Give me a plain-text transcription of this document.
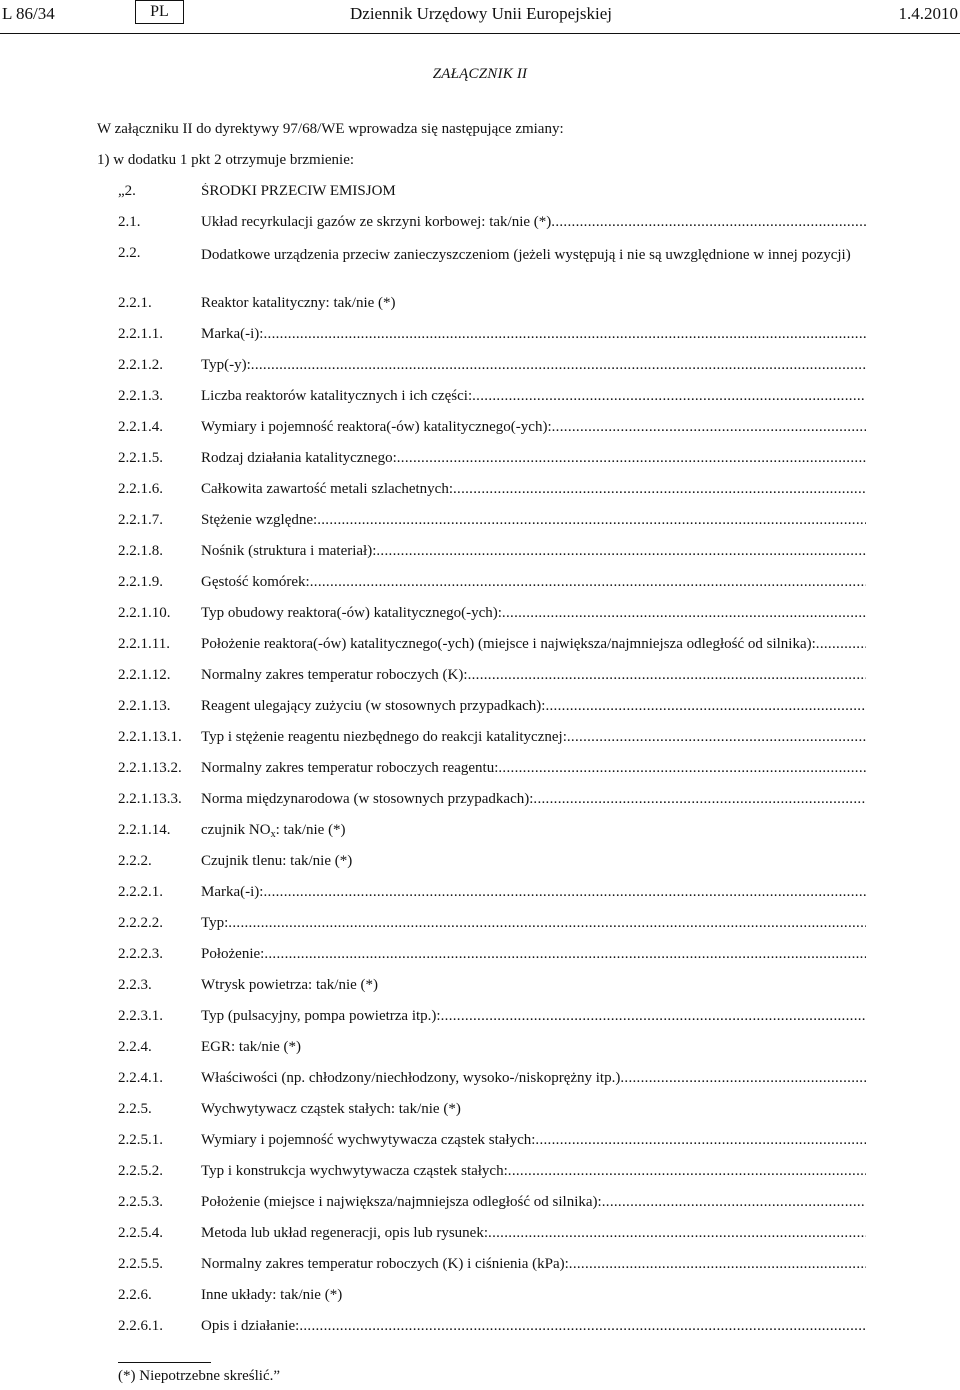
L 86/34	PL	Dziennik Urzędowy Unii Europejskiej	1.4.2010
ZAŁĄCZNIK II
W załączniku II do dyrektywy 97/68/WE wprowadza się następujące zmiany:
1) w dodatku 1 pkt 2 otrzymuje brzmienie:
„2.	ŚRODKI PRZECIW EMISJOM
2.1.	Układ recyrkulacji gazów ze skrzyni korbowej: tak/nie (*) .....
2.2.	Dodatkowe urządzenia przeciw zanieczyszczeniom (jeżeli występują i nie są uwzględnione w innej pozycji)
2.2.1.	Reaktor katalityczny: tak/nie (*)
2.2.1.1.	Marka(-i): .....
2.2.1.2.	Typ(-y): .....
2.2.1.3.	Liczba reaktorów katalitycznych i ich części: .....
2.2.1.4.	Wymiary i pojemność reaktora(-ów) katalitycznego(-ych): .....
2.2.1.5.	Rodzaj działania katalitycznego: .....
2.2.1.6.	Całkowita zawartość metali szlachetnych: .....
2.2.1.7.	Stężenie względne: .....
2.2.1.8.	Nośnik (struktura i materiał): .....
2.2.1.9.	Gęstość komórek: .....
2.2.1.10. Typ obudowy reaktora(-ów) katalitycznego(-ych): .....
2.2.1.11. Położenie reaktora(-ów) katalitycznego(-ych) (miejsce i największa/najmniejsza odległość od silnika): .....
2.2.1.12. Normalny zakres temperatur roboczych (K): .....
2.2.1.13. Reagent ulegający zużyciu (w stosownych przypadkach): .....
2.2.1.13.1. Typ i stężenie reagentu niezbędnego do reakcji katalitycznej: .....
2.2.1.13.2. Normalny zakres temperatur roboczych reagentu: .....
2.2.1.13.3. Norma międzynarodowa (w stosownych przypadkach): .....
2.2.1.14. czujnik $NO_x$: tak/nie (*)
2.2.2.	Czujnik tlenu: tak/nie (*)
2.2.2.1.	Marka(-i): .....
2.2.2.2.	Typ: .....
2.2.2.3.	Położenie: .....
2.2.3.	Wtrysk powietrza: tak/nie (*)
2.2.3.1.	Typ (pulsacyjny, pompa powietrza itp.): .....
2.2.4.	EGR: tak/nie (*)
2.2.4.1.	Właściwości (np. chłodzony/niechłodzony, wysoko-/niskoprężny itp.) .....
2.2.5.	Wychwytywacz cząstek stałych: tak/nie (*)
2.2.5.1.	Wymiary i pojemność wychwytywacza cząstek stałych: .....
2.2.5.2.	Typ i konstrukcja wychwytywacza cząstek stałych: .....
2.2.5.3.	Położenie (miejsce i największa/najmniejsza odległość od silnika): .....
2.2.5.4.	Metoda lub układ regeneracji, opis lub rysunek: .....
2.2.5.5.	Normalny zakres temperatur roboczych (K) i ciśnienia (kPa): .....
2.2.6.	Inne układy: tak/nie (*)
2.2.6.1.	Opis i działanie: .....
(*) Niepotrzebne skreślić.”
